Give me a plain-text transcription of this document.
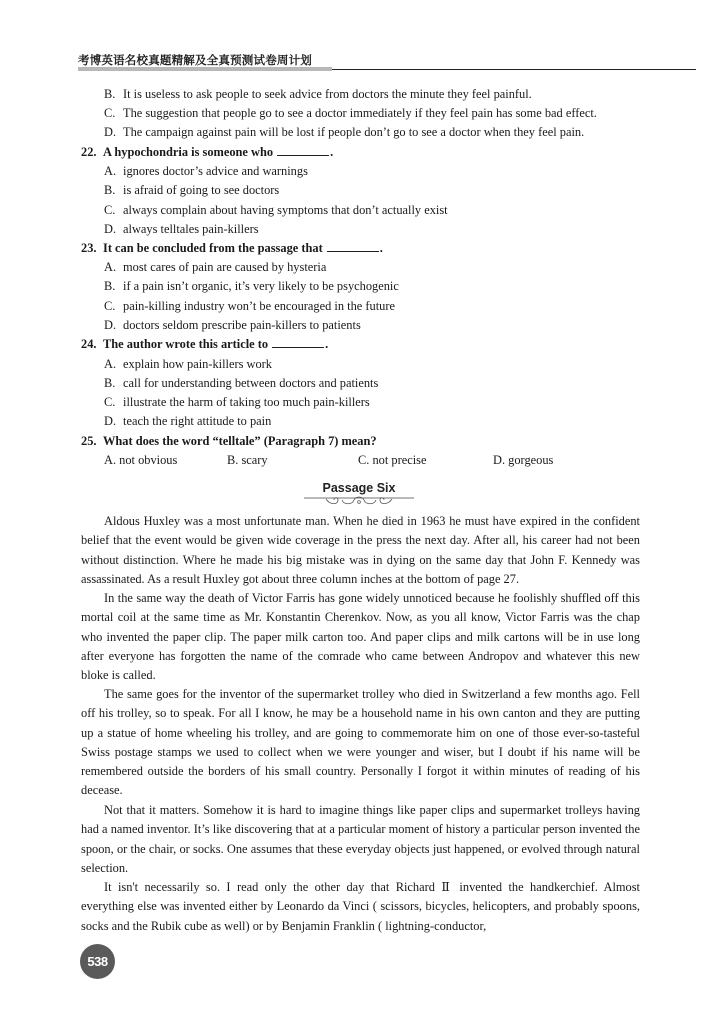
考博英语名校真题精解及全真预测试卷周计划
B. It is useless to ask people to seek advice from doctors the minute they feel painful.
C. The suggestion that people go to see a doctor immediately if they feel pain has some bad effect.
D. The campaign against pain will be lost if people don’t go to see a doctor when they feel pain.
22. A hypochondria is someone who	.
A. ignores doctor’s advice and warnings
B. is afraid of going to see doctors
C. always complain about having symptoms that don’t actually exist
D. always telltales pain-killers
23. It can be concluded from the passage that	.
A. most cares of pain are caused by hysteria
B. if a pain isn’t organic, it’s very likely to be psychogenic
C. pain-killing industry won’t be encouraged in the future
D. doctors seldom prescribe pain-killers to patients
24. The author wrote this article to	.
A. explain how pain-killers work
B. call for understanding between doctors and patients
C. illustrate the harm of taking too much pain-killers
D. teach the right attitude to pain
25. What does the word “telltale” (Paragraph 7) mean?
A. not obvious	B. scary	C. not precise	D. gorgeous
Passage Six
Aldous Huxley was a most unfortunate man. When he died in 1963 he must have expired in the confident belief that the event would be given wide coverage in the press the next day. After all, his career had not been without distinction. Where he made his big mistake was in dying on the same day that John F. Kennedy was assassinated. As a result Huxley got about three column inches at the bottom of page 27.
In the same way the death of Victor Farris has gone widely unnoticed because he foolishly shuffled off this mortal coil at the same time as Mr. Konstantin Cherenkov. Now, as you all know, Victor Farris was the chap who invented the paper clip. The paper milk carton too. And paper clips and milk cartons will be in use long after everyone has forgotten the name of the comrade who came between Andropov and whatever this new bloke is called.
The same goes for the inventor of the supermarket trolley who died in Switzerland a few months ago. Fell off his trolley, so to speak. For all I know, he may be a household name in his own canton and they are putting up a statue of home wheeling his trolley, and are going to commemorate him on one of those ever-so-tasteful Swiss postage stamps we used to collect when we were younger and wiser, but I doubt if his name will be remembered outside the borders of his small country. Personally I forgot it within minutes of reading of his decease.
Not that it matters. Somehow it is hard to imagine things like paper clips and supermarket trolleys having had a named inventor. It’s like discovering that at a particular moment of history a particular person invented the spoon, or the chair, or socks. One assumes that these everyday objects just happened, or evolved through natural selection.
It isn't necessarily so. I read only the other day that Richard Ⅱ invented the handkerchief. Almost everything else was invented either by Leonardo da Vinci ( scissors, bicycles, helicopters, and probably spoons, socks and the Rubik cube as well) or by Benjamin Franklin ( lightning-conductor,
538
